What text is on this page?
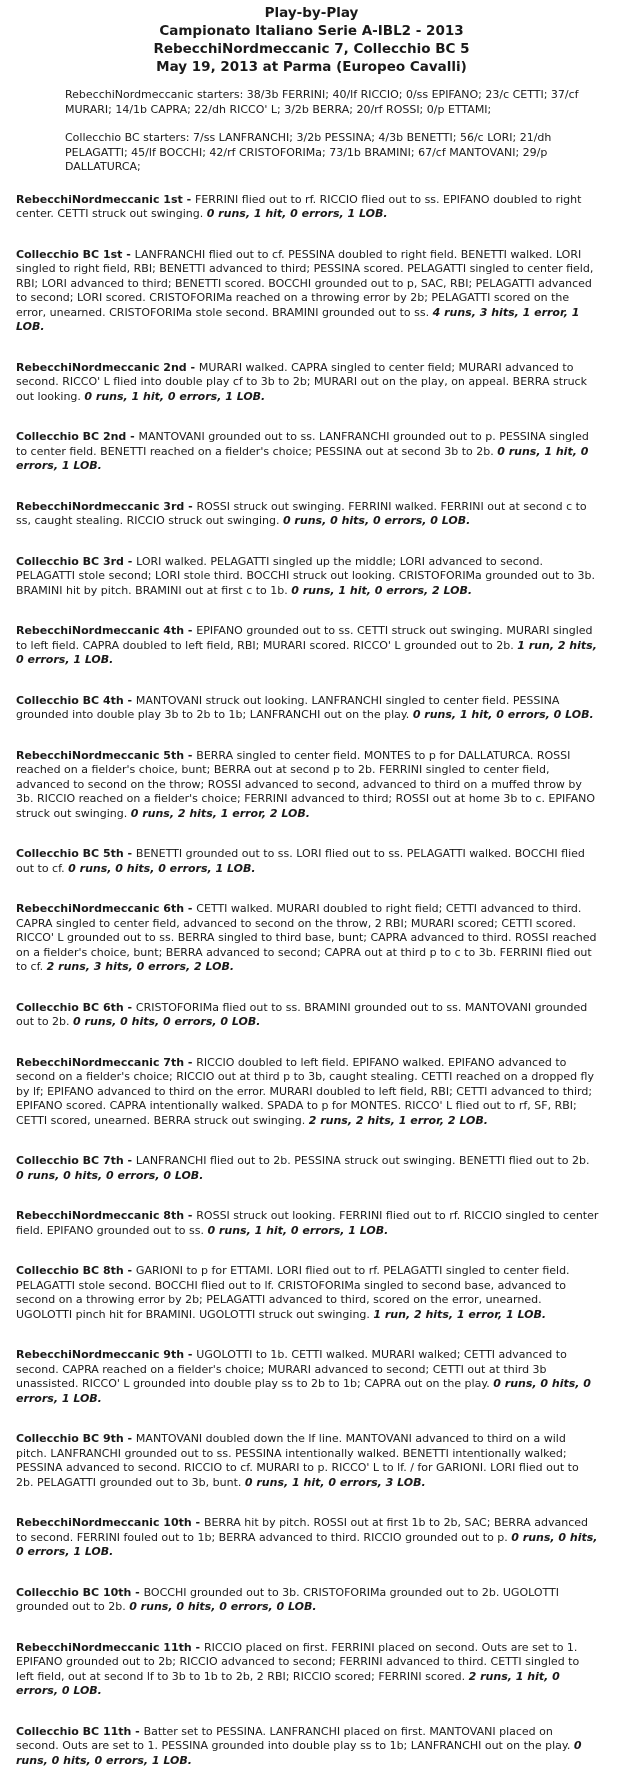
Play-by-Play
Campionato Italiano Serie A-IBL2 - 2013
RebecchiNordmeccanic 7, Collecchio BC 5
May 19, 2013 at Parma (Europeo Cavalli)

RebecchiNordmeccanic starters: 38/3b FERRINI; 40/lf RICCIO; 0/ss EPIFANO; 23/c CETTI; 37/cf MURARI; 14/1b CAPRA; 22/dh RICCO' L; 3/2b BERRA; 20/rf ROSSI; 0/p ETTAMI;

Collecchio BC starters: 7/ss LANFRANCHI; 3/2b PESSINA; 4/3b BENETTI; 56/c LORI; 21/dh PELAGATTI; 45/lf BOCCHI; 42/rf CRISTOFORIMa; 73/1b BRAMINI; 67/cf MANTOVANI; 29/p DALLATURCA;

RebecchiNordmeccanic 1st - FERRINI flied out to rf. RICCIO flied out to ss. EPIFANO doubled to right center. CETTI struck out swinging. 0 runs, 1 hit, 0 errors, 1 LOB.

Collecchio BC 1st - LANFRANCHI flied out to cf. PESSINA doubled to right field. BENETTI walked. LORI singled to right field, RBI; BENETTI advanced to third; PESSINA scored. PELAGATTI singled to center field, RBI; LORI advanced to third; BENETTI scored. BOCCHI grounded out to p, SAC, RBI; PELAGATTI advanced to second; LORI scored. CRISTOFORIMa reached on a throwing error by 2b; PELAGATTI scored on the error, unearned. CRISTOFORIMa stole second. BRAMINI grounded out to ss. 4 runs, 3 hits, 1 error, 1 LOB.

RebecchiNordmeccanic 2nd - MURARI walked. CAPRA singled to center field; MURARI advanced to second. RICCO' L flied into double play cf to 3b to 2b; MURARI out on the play, on appeal. BERRA struck out looking. 0 runs, 1 hit, 0 errors, 1 LOB.

Collecchio BC 2nd - MANTOVANI grounded out to ss. LANFRANCHI grounded out to p. PESSINA singled to center field. BENETTI reached on a fielder's choice; PESSINA out at second 3b to 2b. 0 runs, 1 hit, 0 errors, 1 LOB.

RebecchiNordmeccanic 3rd - ROSSI struck out swinging. FERRINI walked. FERRINI out at second c to ss, caught stealing. RICCIO struck out swinging. 0 runs, 0 hits, 0 errors, 0 LOB.

Collecchio BC 3rd - LORI walked. PELAGATTI singled up the middle; LORI advanced to second. PELAGATTI stole second; LORI stole third. BOCCHI struck out looking. CRISTOFORIMa grounded out to 3b. BRAMINI hit by pitch. BRAMINI out at first c to 1b. 0 runs, 1 hit, 0 errors, 2 LOB.

RebecchiNordmeccanic 4th - EPIFANO grounded out to ss. CETTI struck out swinging. MURARI singled to left field. CAPRA doubled to left field, RBI; MURARI scored. RICCO' L grounded out to 2b. 1 run, 2 hits, 0 errors, 1 LOB.

Collecchio BC 4th - MANTOVANI struck out looking. LANFRANCHI singled to center field. PESSINA grounded into double play 3b to 2b to 1b; LANFRANCHI out on the play. 0 runs, 1 hit, 0 errors, 0 LOB.

RebecchiNordmeccanic 5th - BERRA singled to center field. MONTES to p for DALLATURCA. ROSSI reached on a fielder's choice, bunt; BERRA out at second p to 2b. FERRINI singled to center field, advanced to second on the throw; ROSSI advanced to second, advanced to third on a muffed throw by 3b. RICCIO reached on a fielder's choice; FERRINI advanced to third; ROSSI out at home 3b to c. EPIFANO struck out swinging. 0 runs, 2 hits, 1 error, 2 LOB.

Collecchio BC 5th - BENETTI grounded out to ss. LORI flied out to ss. PELAGATTI walked. BOCCHI flied out to cf. 0 runs, 0 hits, 0 errors, 1 LOB.

RebecchiNordmeccanic 6th - CETTI walked. MURARI doubled to right field; CETTI advanced to third. CAPRA singled to center field, advanced to second on the throw, 2 RBI; MURARI scored; CETTI scored. RICCO' L grounded out to ss. BERRA singled to third base, bunt; CAPRA advanced to third. ROSSI reached on a fielder's choice, bunt; BERRA advanced to second; CAPRA out at third p to c to 3b. FERRINI flied out to cf. 2 runs, 3 hits, 0 errors, 2 LOB.

Collecchio BC 6th - CRISTOFORIMa flied out to ss. BRAMINI grounded out to ss. MANTOVANI grounded out to 2b. 0 runs, 0 hits, 0 errors, 0 LOB.

RebecchiNordmeccanic 7th - RICCIO doubled to left field. EPIFANO walked. EPIFANO advanced to second on a fielder's choice; RICCIO out at third p to 3b, caught stealing. CETTI reached on a dropped fly by lf; EPIFANO advanced to third on the error. MURARI doubled to left field, RBI; CETTI advanced to third; EPIFANO scored. CAPRA intentionally walked. SPADA to p for MONTES. RICCO' L flied out to rf, SF, RBI; CETTI scored, unearned. BERRA struck out swinging. 2 runs, 2 hits, 1 error, 2 LOB.

Collecchio BC 7th - LANFRANCHI flied out to 2b. PESSINA struck out swinging. BENETTI flied out to 2b. 0 runs, 0 hits, 0 errors, 0 LOB.

RebecchiNordmeccanic 8th - ROSSI struck out looking. FERRINI flied out to rf. RICCIO singled to center field. EPIFANO grounded out to ss. 0 runs, 1 hit, 0 errors, 1 LOB.

Collecchio BC 8th - GARIONI to p for ETTAMI. LORI flied out to rf. PELAGATTI singled to center field. PELAGATTI stole second. BOCCHI flied out to lf. CRISTOFORIMa singled to second base, advanced to second on a throwing error by 2b; PELAGATTI advanced to third, scored on the error, unearned. UGOLOTTI pinch hit for BRAMINI. UGOLOTTI struck out swinging. 1 run, 2 hits, 1 error, 1 LOB.

RebecchiNordmeccanic 9th - UGOLOTTI to 1b. CETTI walked. MURARI walked; CETTI advanced to second. CAPRA reached on a fielder's choice; MURARI advanced to second; CETTI out at third 3b unassisted. RICCO' L grounded into double play ss to 2b to 1b; CAPRA out on the play. 0 runs, 0 hits, 0 errors, 1 LOB.

Collecchio BC 9th - MANTOVANI doubled down the lf line. MANTOVANI advanced to third on a wild pitch. LANFRANCHI grounded out to ss. PESSINA intentionally walked. BENETTI intentionally walked; PESSINA advanced to second. RICCIO to cf. MURARI to p. RICCO' L to lf. / for GARIONI. LORI flied out to 2b. PELAGATTI grounded out to 3b, bunt. 0 runs, 1 hit, 0 errors, 3 LOB.

RebecchiNordmeccanic 10th - BERRA hit by pitch. ROSSI out at first 1b to 2b, SAC; BERRA advanced to second. FERRINI fouled out to 1b; BERRA advanced to third. RICCIO grounded out to p. 0 runs, 0 hits, 0 errors, 1 LOB.

Collecchio BC 10th - BOCCHI grounded out to 3b. CRISTOFORIMa grounded out to 2b. UGOLOTTI grounded out to 2b. 0 runs, 0 hits, 0 errors, 0 LOB.

RebecchiNordmeccanic 11th - RICCIO placed on first. FERRINI placed on second. Outs are set to 1. EPIFANO grounded out to 2b; RICCIO advanced to second; FERRINI advanced to third. CETTI singled to left field, out at second lf to 3b to 1b to 2b, 2 RBI; RICCIO scored; FERRINI scored. 2 runs, 1 hit, 0 errors, 0 LOB.

Collecchio BC 11th - Batter set to PESSINA. LANFRANCHI placed on first. MANTOVANI placed on second. Outs are set to 1. PESSINA grounded into double play ss to 1b; LANFRANCHI out on the play. 0 runs, 0 hits, 0 errors, 1 LOB.
